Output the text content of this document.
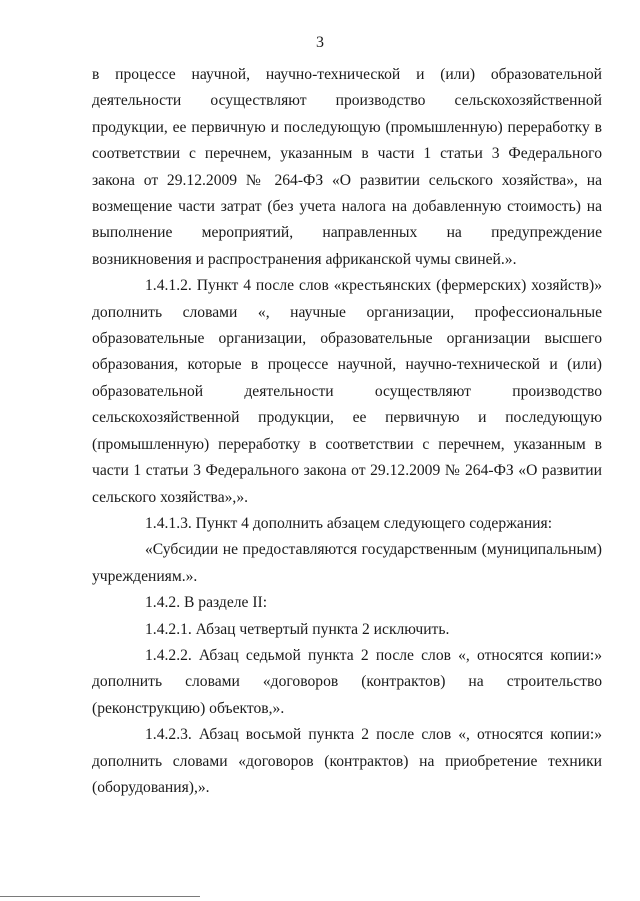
3

в процессе научной, научно-технической и (или) образовательной деятельности осуществляют производство сельскохозяйственной продукции, ее первичную и последующую (промышленную) переработку в соответствии с перечнем, указанным в части 1 статьи 3 Федерального закона от 29.12.2009 № 264-ФЗ «О развитии сельского хозяйства», на возмещение части затрат (без учета налога на добавленную стоимость) на выполнение мероприятий, направленных на предупреждение возникновения и распространения африканской чумы свиней.».

1.4.1.2. Пункт 4 после слов «крестьянских (фермерских) хозяйств)» дополнить словами «, научные организации, профессиональные образовательные организации, образовательные организации высшего образования, которые в процессе научной, научно-технической и (или) образовательной деятельности осуществляют производство сельскохозяйственной продукции, ее первичную и последующую (промышленную) переработку в соответствии с перечнем, указанным в части 1 статьи 3 Федерального закона от 29.12.2009 № 264-ФЗ «О развитии сельского хозяйства»,».

1.4.1.3. Пункт 4 дополнить абзацем следующего содержания:

«Субсидии не предоставляются государственным (муниципальным) учреждениям.».

1.4.2. В разделе II:

1.4.2.1. Абзац четвертый пункта 2 исключить.

1.4.2.2. Абзац седьмой пункта 2 после слов «, относятся копии:» дополнить словами «договоров (контрактов) на строительство (реконструкцию) объектов,».

1.4.2.3. Абзац восьмой пункта 2 после слов «, относятся копии:» дополнить словами «договоров (контрактов) на приобретение техники (оборудования),».
